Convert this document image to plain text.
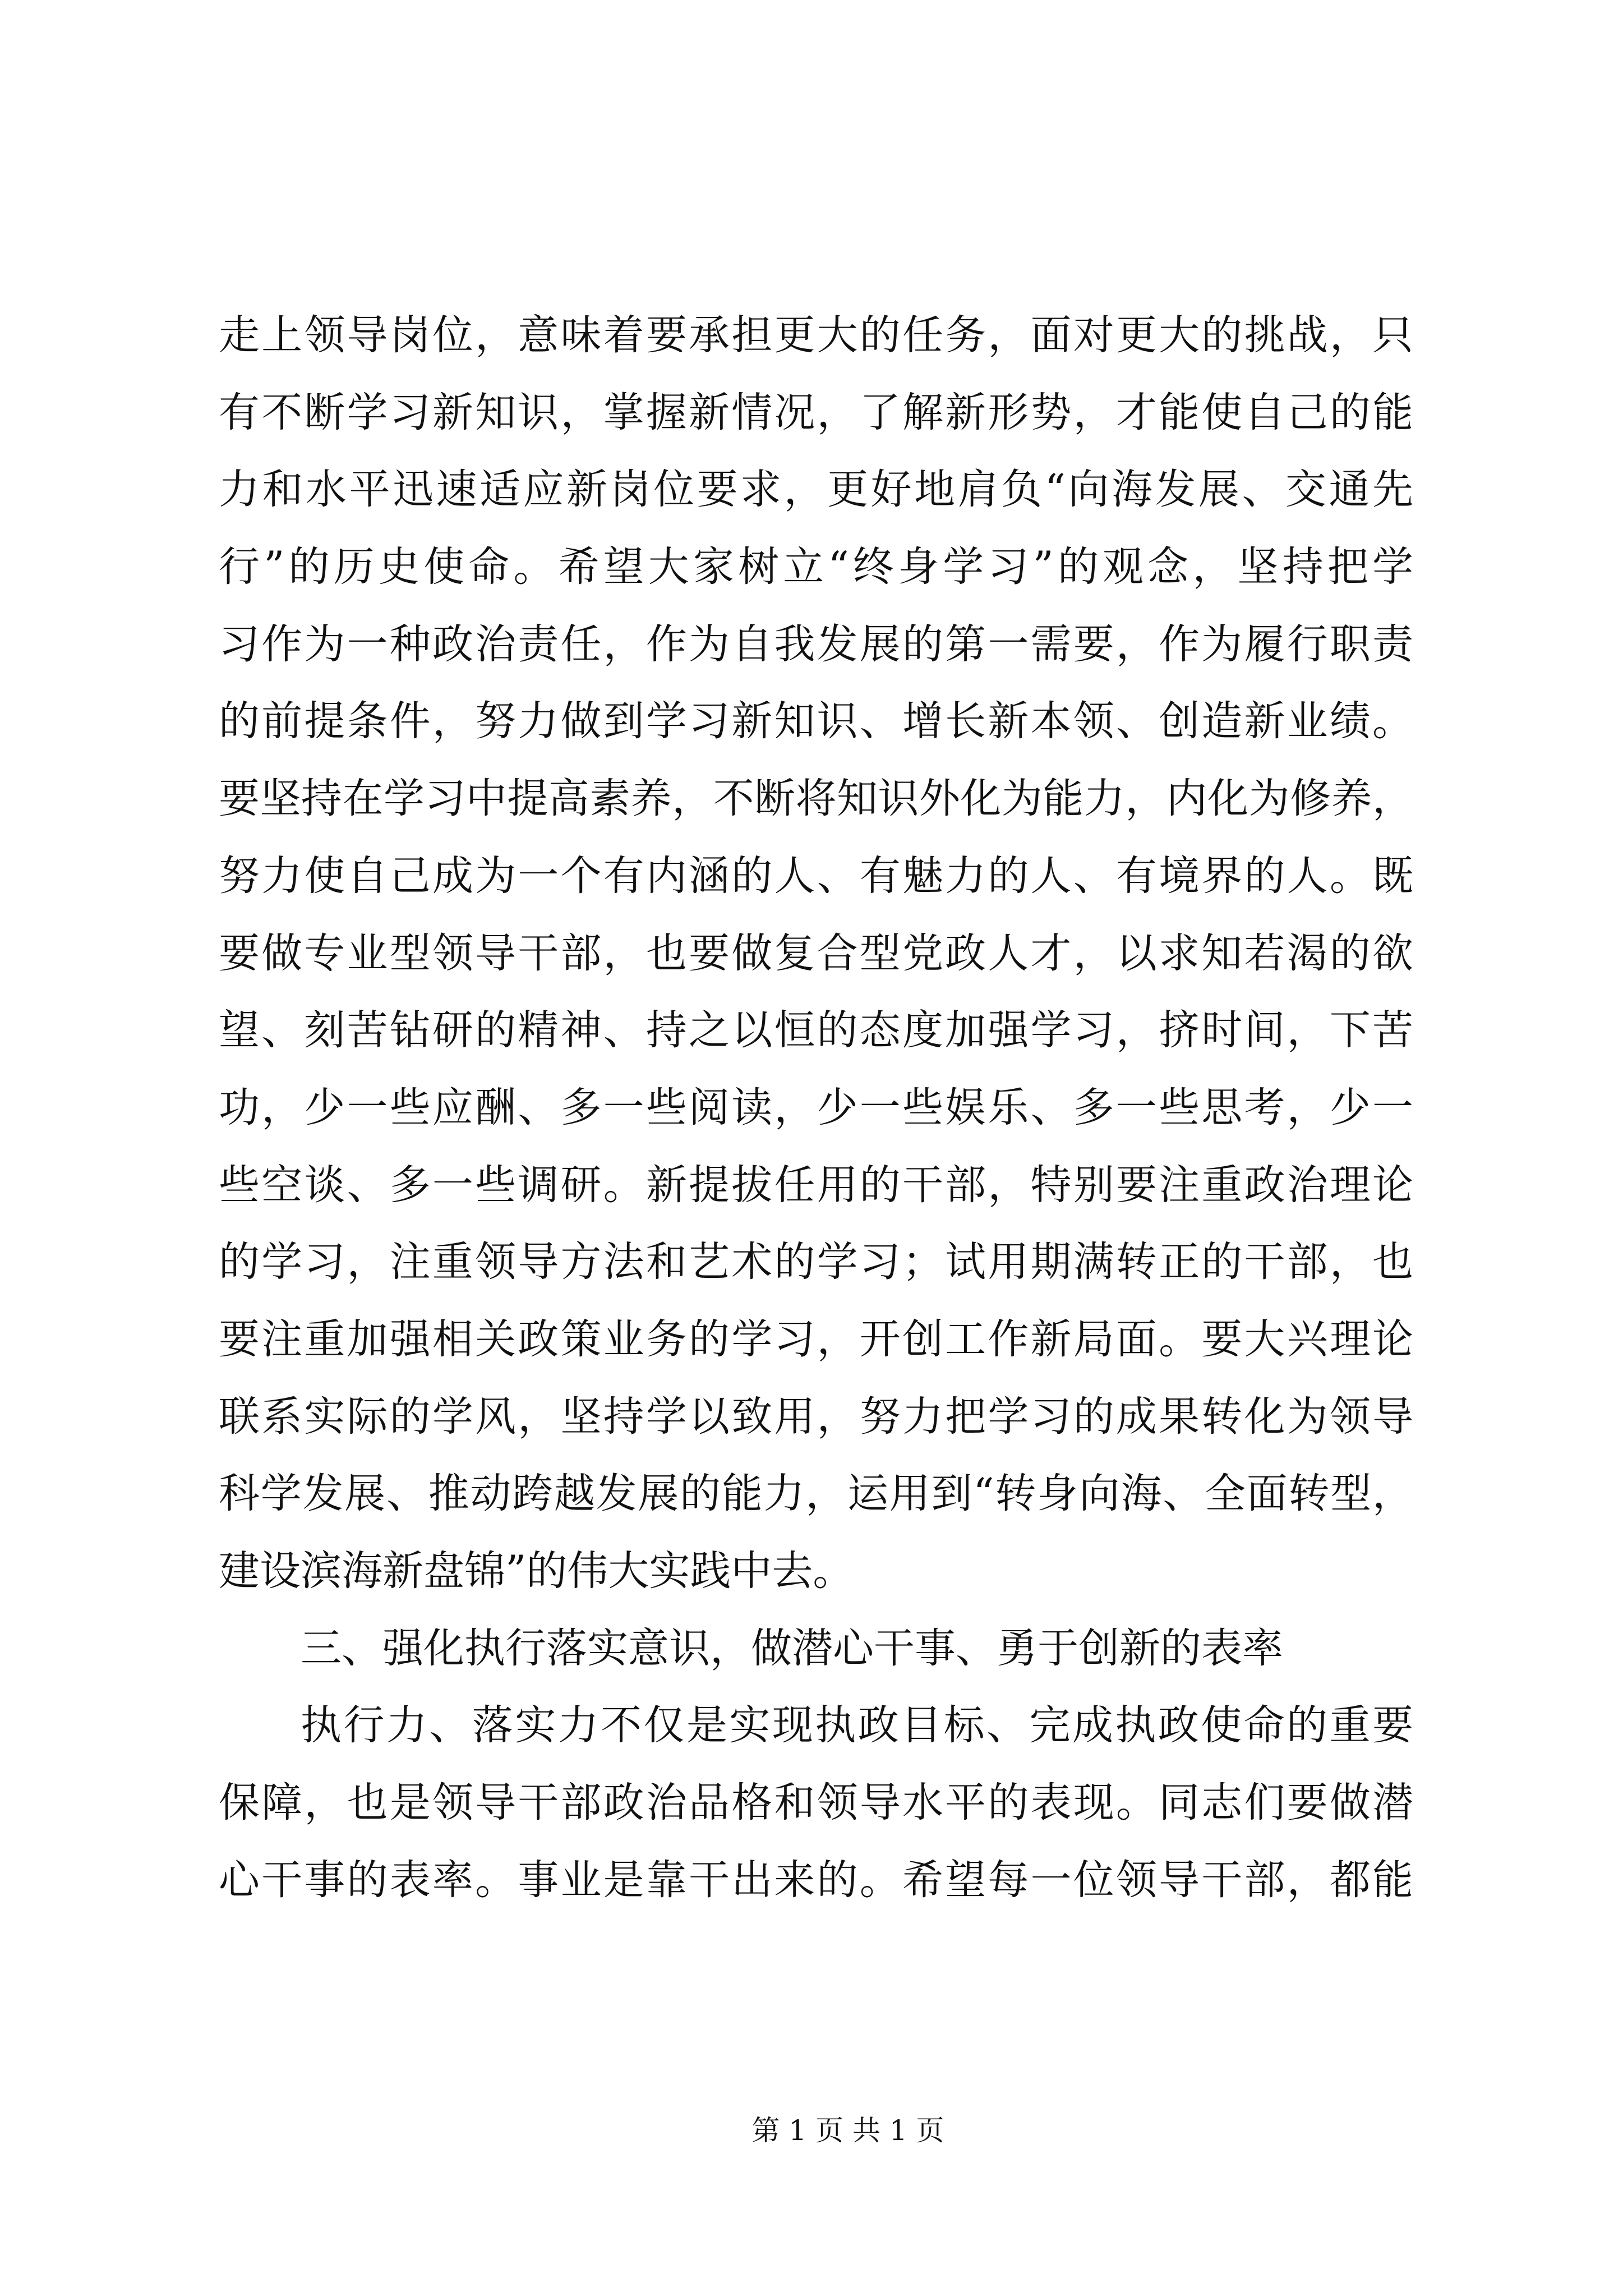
走上领导岗位，意味着要承担更大的任务，面对更大的挑战，只
有不断学习新知识，掌握新情况，了解新形势，才能使自己的能
力和水平迅速适应新岗位要求，更好地肩负“向海发展、交通先
行”的历史使命。希望大家树立“终身学习”的观念，坚持把学
习作为一种政治责任，作为自我发展的第一需要，作为履行职责
的前提条件，努力做到学习新知识、增长新本领、创造新业绩。
要坚持在学习中提高素养，不断将知识外化为能力，内化为修养，
努力使自己成为一个有内涵的人、有魅力的人、有境界的人。既
要做专业型领导干部，也要做复合型党政人才，以求知若渴的欲
望、刻苦钻研的精神、持之以恒的态度加强学习，挤时间，下苦
功，少一些应酬、多一些阅读，少一些娱乐、多一些思考，少一
些空谈、多一些调研。新提拔任用的干部，特别要注重政治理论
的学习，注重领导方法和艺术的学习；试用期满转正的干部，也
要注重加强相关政策业务的学习，开创工作新局面。要大兴理论
联系实际的学风，坚持学以致用，努力把学习的成果转化为领导
科学发展、推动跨越发展的能力，运用到“转身向海、全面转型，
建设滨海新盘锦”的伟大实践中去。
三、强化执行落实意识，做潜心干事、勇于创新的表率
执行力、落实力不仅是实现执政目标、完成执政使命的重要
保障，也是领导干部政治品格和领导水平的表现。同志们要做潜
心干事的表率。事业是靠干出来的。希望每一位领导干部，都能
第 1 页 共 1 页
